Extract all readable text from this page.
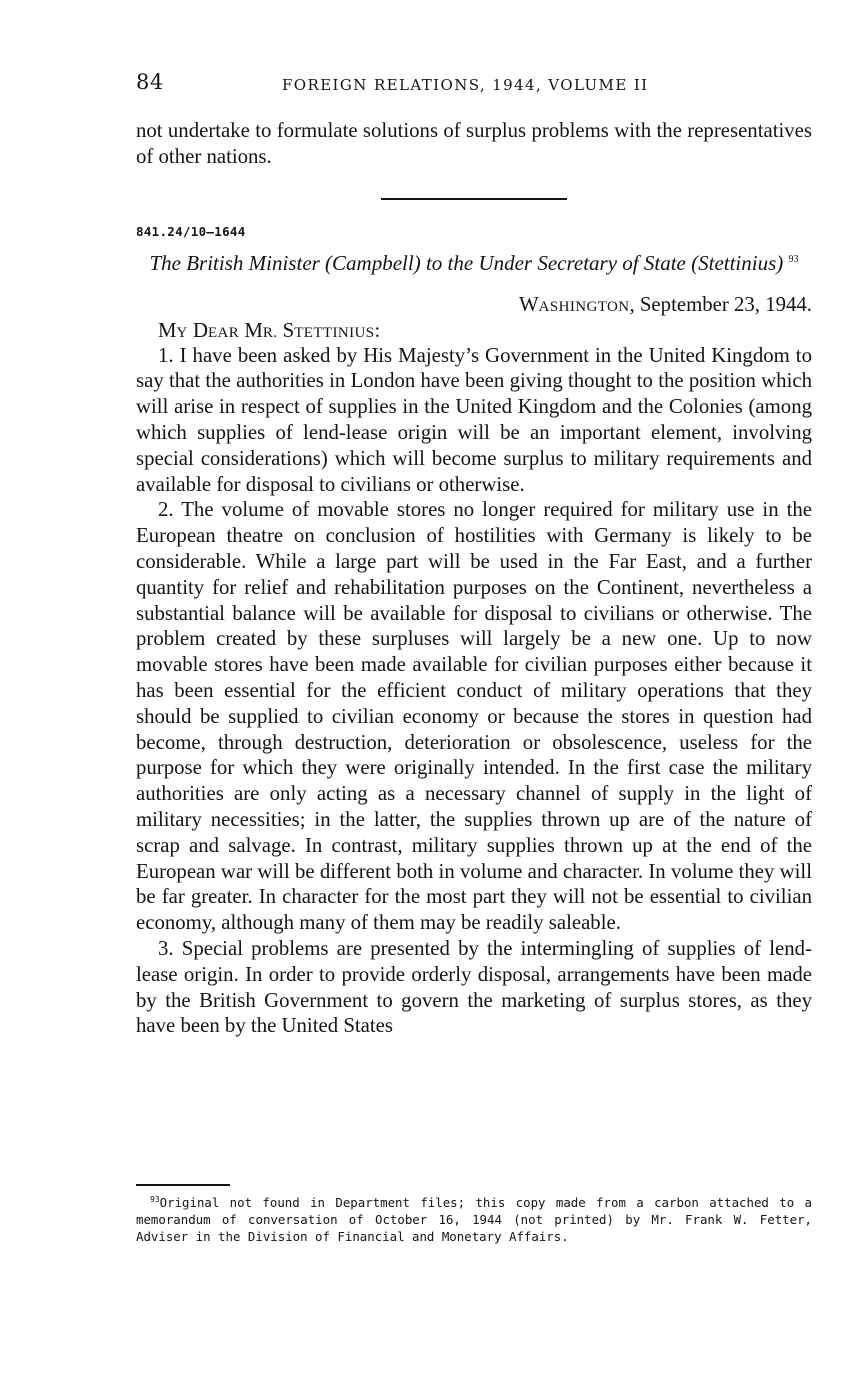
84	FOREIGN RELATIONS, 1944, VOLUME II

not undertake to formulate solutions of surplus problems with the representatives of other nations.

841.24/10–1644
The British Minister (Campbell) to the Under Secretary of State (Stettinius) $^{93}$
WASHINGTON, September 23, 1944.
MY DEAR MR. STETTINIUS:

1. I have been asked by His Majesty’s Government in the United Kingdom to say that the authorities in London have been giving thought to the position which will arise in respect of supplies in the United Kingdom and the Colonies (among which supplies of lend-lease origin will be an important element, involving special considerations) which will become surplus to military requirements and available for disposal to civilians or otherwise.

2. The volume of movable stores no longer required for military use in the European theatre on conclusion of hostilities with Germany is likely to be considerable. While a large part will be used in the Far East, and a further quantity for relief and rehabilitation purposes on the Continent, nevertheless a substantial balance will be available for disposal to civilians or otherwise. The problem created by these surpluses will largely be a new one. Up to now movable stores have been made available for civilian purposes either because it has been essential for the efficient conduct of military operations that they should be supplied to civilian economy or because the stores in question had become, through destruction, deterioration or obsolescence, useless for the purpose for which they were originally intended. In the first case the military authorities are only acting as a necessary channel of supply in the light of military necessities; in the latter, the supplies thrown up are of the nature of scrap and salvage. In contrast, military supplies thrown up at the end of the European war will be different both in volume and character. In volume they will be far greater. In character for the most part they will not be essential to civilian economy, although many of them may be readily saleable.

3. Special problems are presented by the intermingling of supplies of lend-lease origin. In order to provide orderly disposal, arrangements have been made by the British Government to govern the marketing of surplus stores, as they have been by the United States

$^{93}$Original not found in Department files; this copy made from a carbon attached to a memorandum of conversation of October 16, 1944 (not printed) by Mr. Frank W. Fetter, Adviser in the Division of Financial and Monetary Affairs.
